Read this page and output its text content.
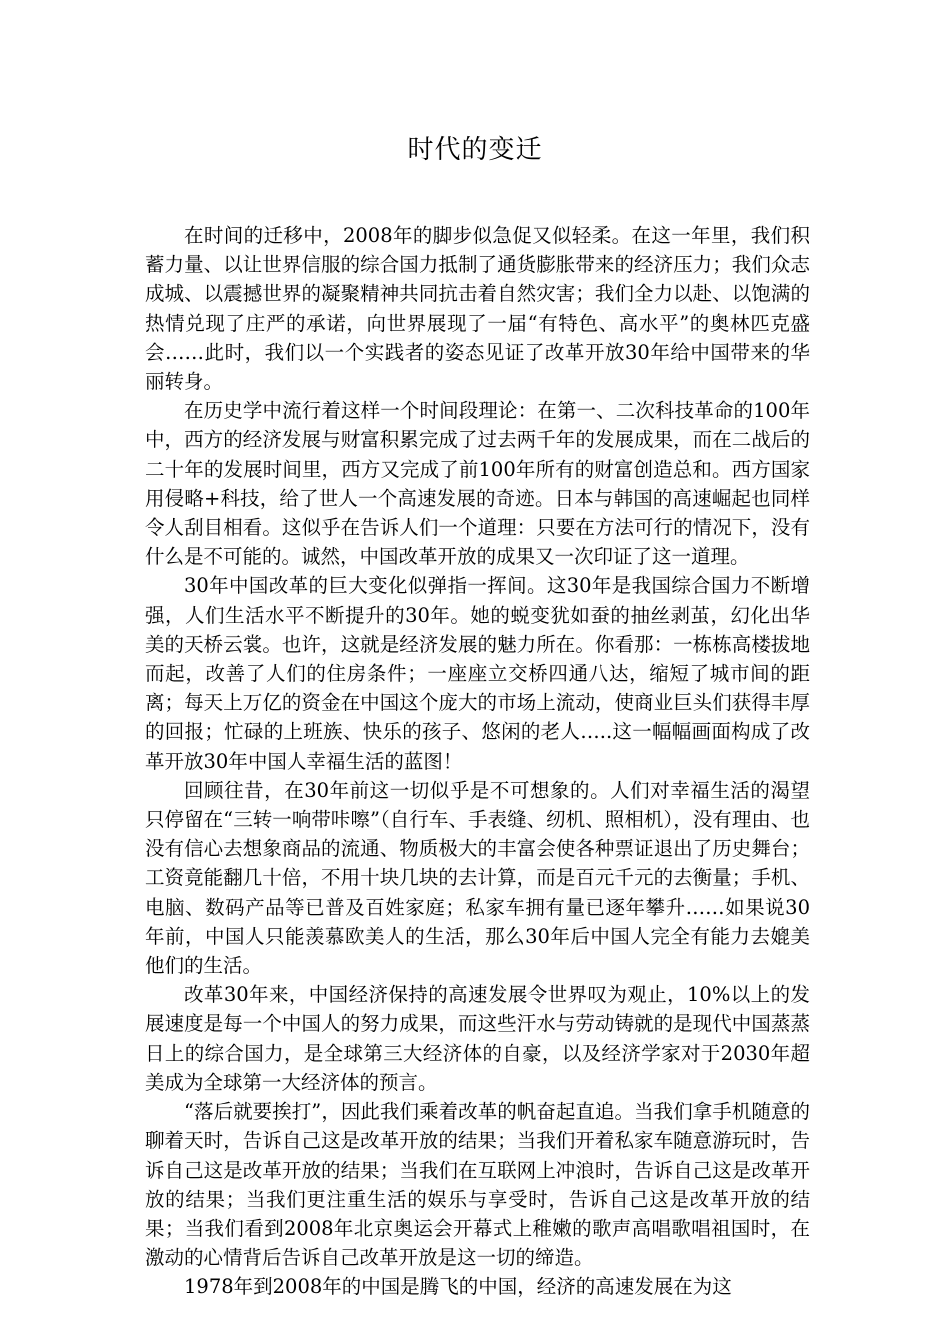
时代的变迁

在时间的迁移中，2008年的脚步似急促又似轻柔。在这一年里，我们积蓄力量、以让世界信服的综合国力抵制了通货膨胀带来的经济压力；我们众志成城、以震撼世界的凝聚精神共同抗击着自然灾害；我们全力以赴、以饱满的热情兑现了庄严的承诺，向世界展现了一届“有特色、高水平”的奥林匹克盛会……此时，我们以一个实践者的姿态见证了改革开放30年给中国带来的华丽转身。

在历史学中流行着这样一个时间段理论：在第一、二次科技革命的100年中，西方的经济发展与财富积累完成了过去两千年的发展成果，而在二战后的二十年的发展时间里，西方又完成了前100年所有的财富创造总和。西方国家用侵略+科技，给了世人一个高速发展的奇迹。日本与韩国的高速崛起也同样令人刮目相看。这似乎在告诉人们一个道理：只要在方法可行的情况下，没有什么是不可能的。诚然，中国改革开放的成果又一次印证了这一道理。

30年中国改革的巨大变化似弹指一挥间。这30年是我国综合国力不断增强，人们生活水平不断提升的30年。她的蜕变犹如蚕的抽丝剥茧，幻化出华美的天桥云裳。也许，这就是经济发展的魅力所在。你看那：一栋栋高楼拔地而起，改善了人们的住房条件；一座座立交桥四通八达，缩短了城市间的距离；每天上万亿的资金在中国这个庞大的市场上流动，使商业巨头们获得丰厚的回报；忙碌的上班族、快乐的孩子、悠闲的老人…..这一幅幅画面构成了改革开放30年中国人幸福生活的蓝图！

回顾往昔，在30年前这一切似乎是不可想象的。人们对幸福生活的渴望只停留在“三转一响带咔嚓”（自行车、手表缝、纫机、照相机），没有理由、也没有信心去想象商品的流通、物质极大的丰富会使各种票证退出了历史舞台；工资竟能翻几十倍，不用十块几块的去计算，而是百元千元的去衡量；手机、电脑、数码产品等已普及百姓家庭；私家车拥有量已逐年攀升……如果说30年前，中国人只能羡慕欧美人的生活，那么30年后中国人完全有能力去媲美他们的生活。

改革30年来，中国经济保持的高速发展令世界叹为观止，10%以上的发展速度是每一个中国人的努力成果，而这些汗水与劳动铸就的是现代中国蒸蒸日上的综合国力，是全球第三大经济体的自豪，以及经济学家对于2030年超美成为全球第一大经济体的预言。

“落后就要挨打”，因此我们乘着改革的帆奋起直追。当我们拿手机随意的聊着天时，告诉自己这是改革开放的结果；当我们开着私家车随意游玩时，告诉自己这是改革开放的结果；当我们在互联网上冲浪时，告诉自己这是改革开放的结果；当我们更注重生活的娱乐与享受时，告诉自己这是改革开放的结果；当我们看到2008年北京奥运会开幕式上稚嫩的歌声高唱歌唱祖国时，在激动的心情背后告诉自己改革开放是这一切的缔造。

1978年到2008年的中国是腾飞的中国，经济的高速发展在为这
